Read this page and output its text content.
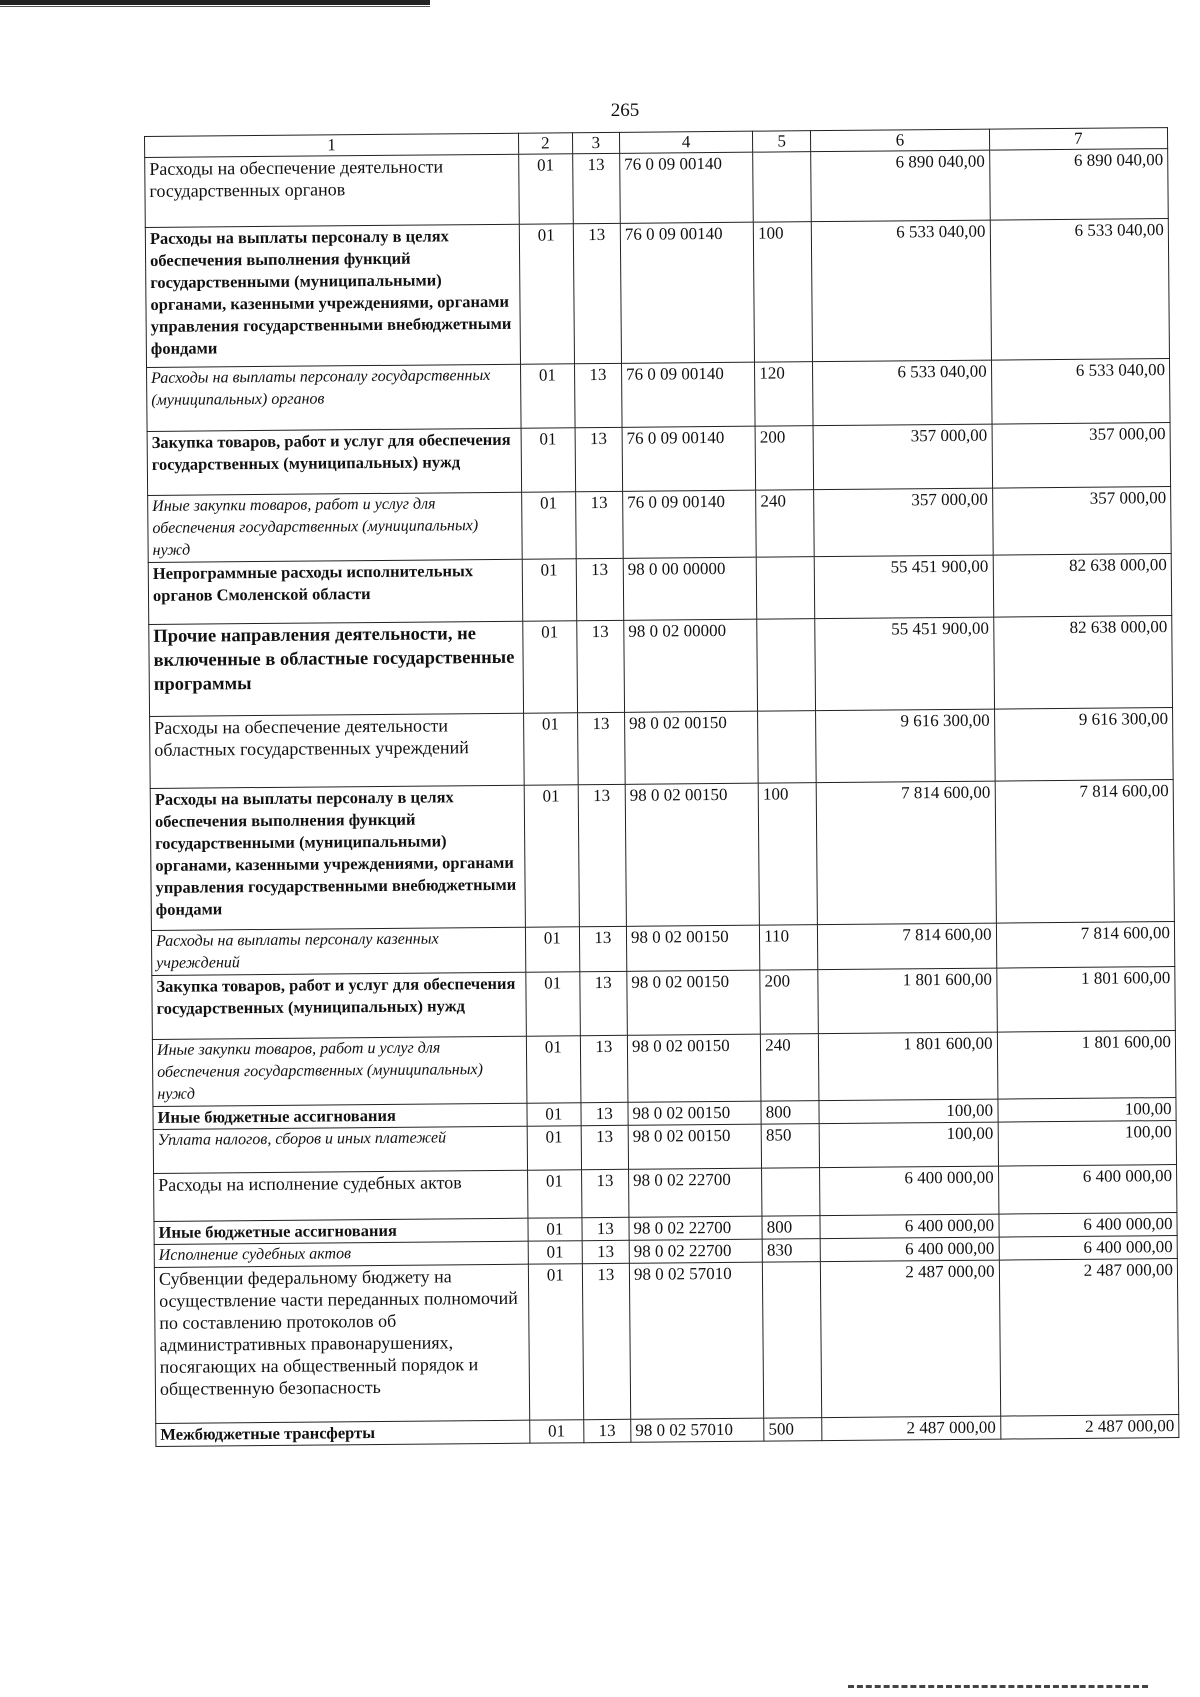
265
1	2	3	4	5	6	7
Расходы на обеспечение деятельности государственных органов	01	13	76 0 09 00140		6 890 040,00	6 890 040,00
Расходы на выплаты персоналу в целях обеспечения выполнения функций государственными (муниципальными) органами, казенными учреждениями, органами управления государственными внебюджетными фондами	01	13	76 0 09 00140	100	6 533 040,00	6 533 040,00
Расходы на выплаты персоналу государственных (муниципальных) органов	01	13	76 0 09 00140	120	6 533 040,00	6 533 040,00
Закупка товаров, работ и услуг для обеспечения государственных (муниципальных) нужд	01	13	76 0 09 00140	200	357 000,00	357 000,00
Иные закупки товаров, работ и услуг для обеспечения государственных (муниципальных) нужд	01	13	76 0 09 00140	240	357 000,00	357 000,00
Непрограммные расходы исполнительных органов Смоленской области	01	13	98 0 00 00000		55 451 900,00	82 638 000,00
Прочие направления деятельности, не включенные в областные государственные программы	01	13	98 0 02 00000		55 451 900,00	82 638 000,00
Расходы на обеспечение деятельности областных государственных учреждений	01	13	98 0 02 00150		9 616 300,00	9 616 300,00
Расходы на выплаты персоналу в целях обеспечения выполнения функций государственными (муниципальными) органами, казенными учреждениями, органами управления государственными внебюджетными фондами	01	13	98 0 02 00150	100	7 814 600,00	7 814 600,00
Расходы на выплаты персоналу казенных учреждений	01	13	98 0 02 00150	110	7 814 600,00	7 814 600,00
Закупка товаров, работ и услуг для обеспечения государственных (муниципальных) нужд	01	13	98 0 02 00150	200	1 801 600,00	1 801 600,00
Иные закупки товаров, работ и услуг для обеспечения государственных (муниципальных) нужд	01	13	98 0 02 00150	240	1 801 600,00	1 801 600,00
Иные бюджетные ассигнования	01	13	98 0 02 00150	800	100,00	100,00
Уплата налогов, сборов и иных платежей	01	13	98 0 02 00150	850	100,00	100,00
Расходы на исполнение судебных актов	01	13	98 0 02 22700		6 400 000,00	6 400 000,00
Иные бюджетные ассигнования	01	13	98 0 02 22700	800	6 400 000,00	6 400 000,00
Исполнение судебных актов	01	13	98 0 02 22700	830	6 400 000,00	6 400 000,00
Субвенции федеральному бюджету на осуществление части переданных полномочий по составлению протоколов об административных правонарушениях, посягающих на общественный порядок и общественную безопасность	01	13	98 0 02 57010		2 487 000,00	2 487 000,00
Межбюджетные трансферты	01	13	98 0 02 57010	500	2 487 000,00	2 487 000,00
